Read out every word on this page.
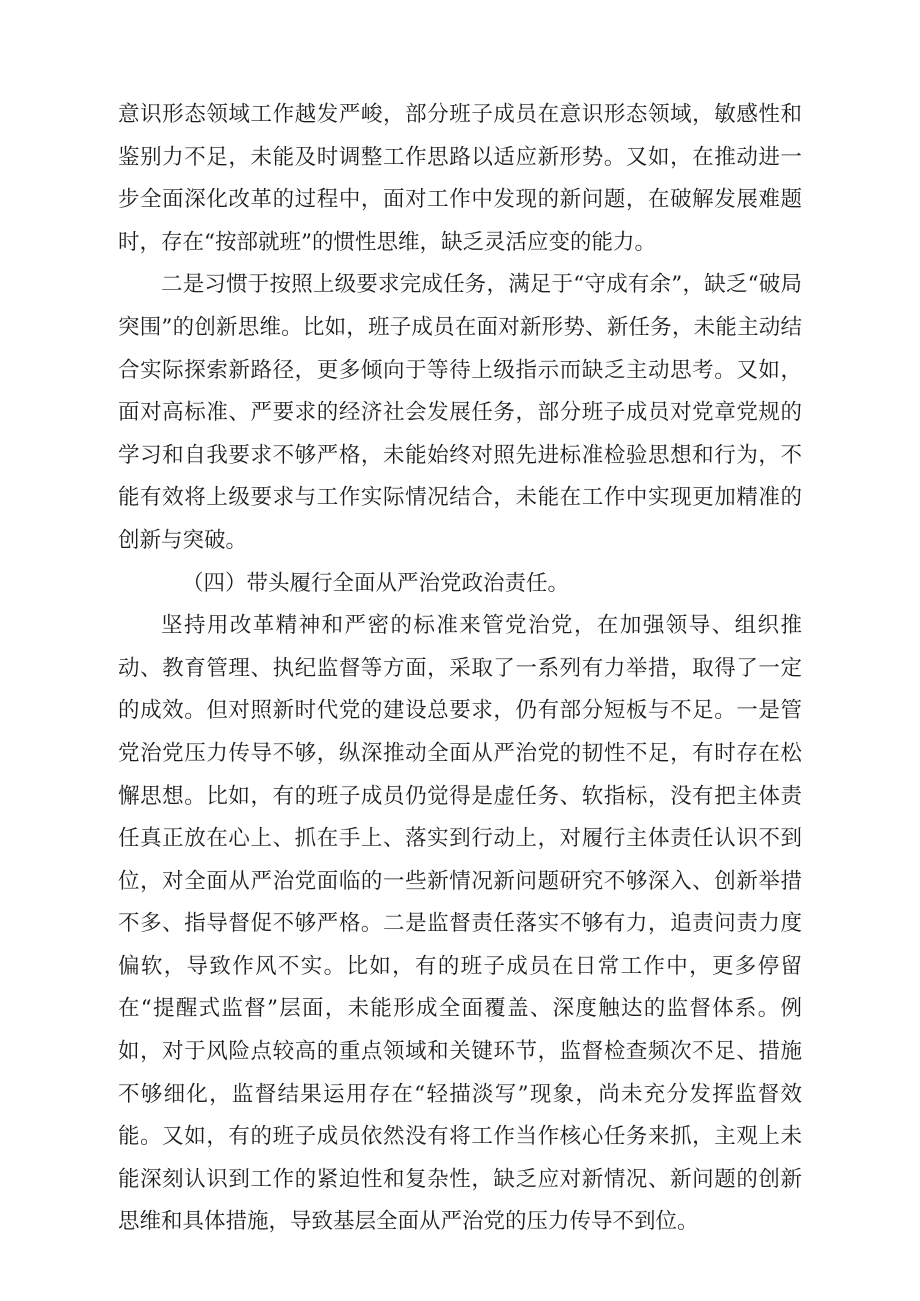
意识形态领域工作越发严峻，部分班子成员在意识形态领域，敏感性和鉴别力不足，未能及时调整工作思路以适应新形势。又如，在推动进一步全面深化改革的过程中，面对工作中发现的新问题，在破解发展难题时，存在“按部就班”的惯性思维，缺乏灵活应变的能力。

二是习惯于按照上级要求完成任务，满足于“守成有余”，缺乏“破局突围”的创新思维。比如，班子成员在面对新形势、新任务，未能主动结合实际探索新路径，更多倾向于等待上级指示而缺乏主动思考。又如，面对高标准、严要求的经济社会发展任务，部分班子成员对党章党规的学习和自我要求不够严格，未能始终对照先进标准检验思想和行为，不能有效将上级要求与工作实际情况结合，未能在工作中实现更加精准的创新与突破。

（四）带头履行全面从严治党政治责任。

坚持用改革精神和严密的标准来管党治党，在加强领导、组织推动、教育管理、执纪监督等方面，采取了一系列有力举措，取得了一定的成效。但对照新时代党的建设总要求，仍有部分短板与不足。一是管党治党压力传导不够，纵深推动全面从严治党的韧性不足，有时存在松懈思想。比如，有的班子成员仍觉得是虚任务、软指标，没有把主体责任真正放在心上、抓在手上、落实到行动上，对履行主体责任认识不到位，对全面从严治党面临的一些新情况新问题研究不够深入、创新举措不多、指导督促不够严格。二是监督责任落实不够有力，追责问责力度偏软，导致作风不实。比如，有的班子成员在日常工作中，更多停留在“提醒式监督”层面，未能形成全面覆盖、深度触达的监督体系。例如，对于风险点较高的重点领域和关键环节，监督检查频次不足、措施不够细化，监督结果运用存在“轻描淡写”现象，尚未充分发挥监督效能。又如，有的班子成员依然没有将工作当作核心任务来抓，主观上未能深刻认识到工作的紧迫性和复杂性，缺乏应对新情况、新问题的创新思维和具体措施，导致基层全面从严治党的压力传导不到位。
